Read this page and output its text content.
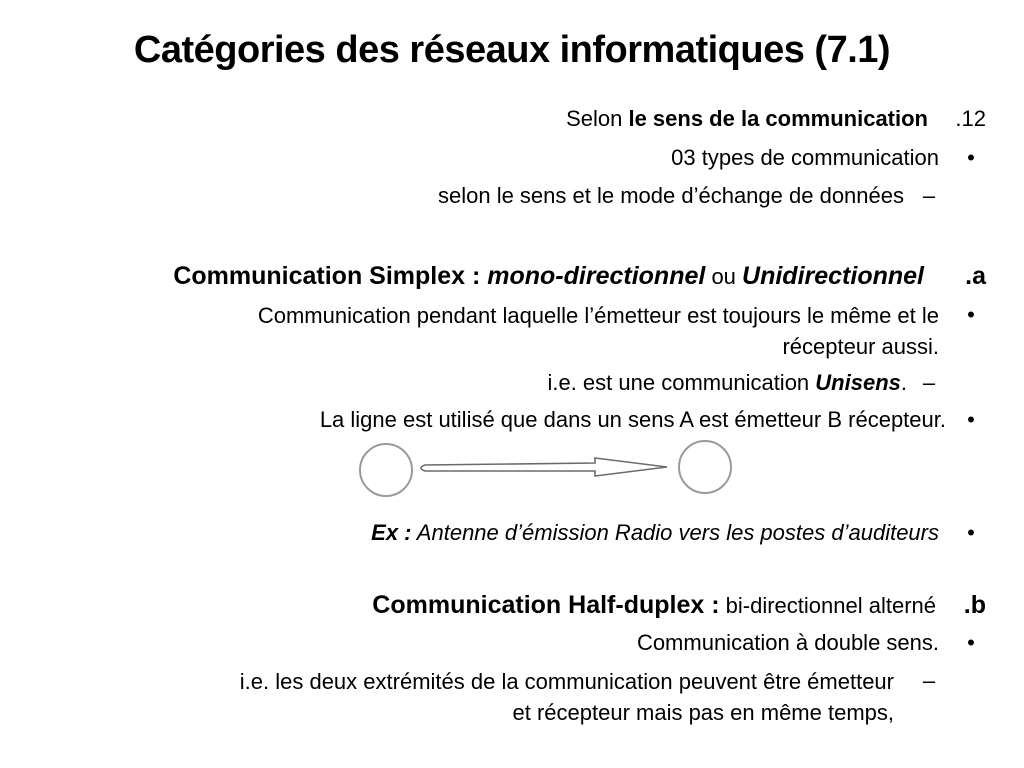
Catégories des réseaux informatiques (7.1)
Selon le sens de la communication	.12
03 types de communication	•
selon le sens et le mode d’échange de données –
Communication Simplex : mono-directionnel ou Unidirectionnel	.a
Communication pendant laquelle l’émetteur est toujours le même et le
récepteur aussi.
•
i.e. est une communication Unisens. –
La ligne est utilisé que dans un sens A est émetteur B récepteur. •
Ex : Antenne d’émission Radio vers les postes d’auditeurs	•
Communication Half-duplex : bi-directionnel alterné	.b
Communication à double sens.	•
i.e. les deux extrémités de la communication peuvent être émetteur
et récepteur mais pas en même temps,
–
